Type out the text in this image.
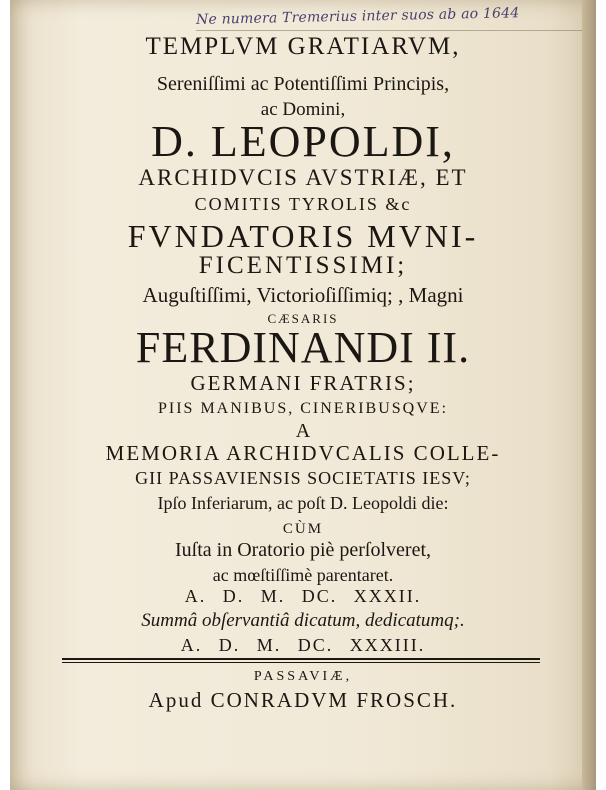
Ne numera Tremerius inter suos ab ao 1644
TEMPLVM GRATIARVM,
Sereniſſimi ac Potentiſſimi Principis,
ac Domini,
D. LEOPOLDI,
ARCHIDVCIS AVSTRIÆ, ET
COMITIS TYROLIS &c
FVNDATORIS MVNI-
FICENTISSIMI;
Auguſtiſſimi, Victorioſiſſimiq; , Magni
CÆSARIS
FERDINANDI II.
GERMANI FRATRIS;
PIIS MANIBUS, CINERIBUSQVE:
A
MEMORIA ARCHIDVCALIS COLLE-
GII PASSAVIENSIS SOCIETATIS IESV;
Ipſo Inferiarum, ac poſt D. Leopoldi die:
CÙM
Iuſta in Oratorio piè perſolveret,
ac mœſtiſſimè parentaret.
A. D. M. DC. XXXII.
Summâ obſervantiâ dicatum, dedicatumq;.
A. D. M. DC. XXXIII.
PASSAVIÆ,
Apud CONRADVM FROSCH.
